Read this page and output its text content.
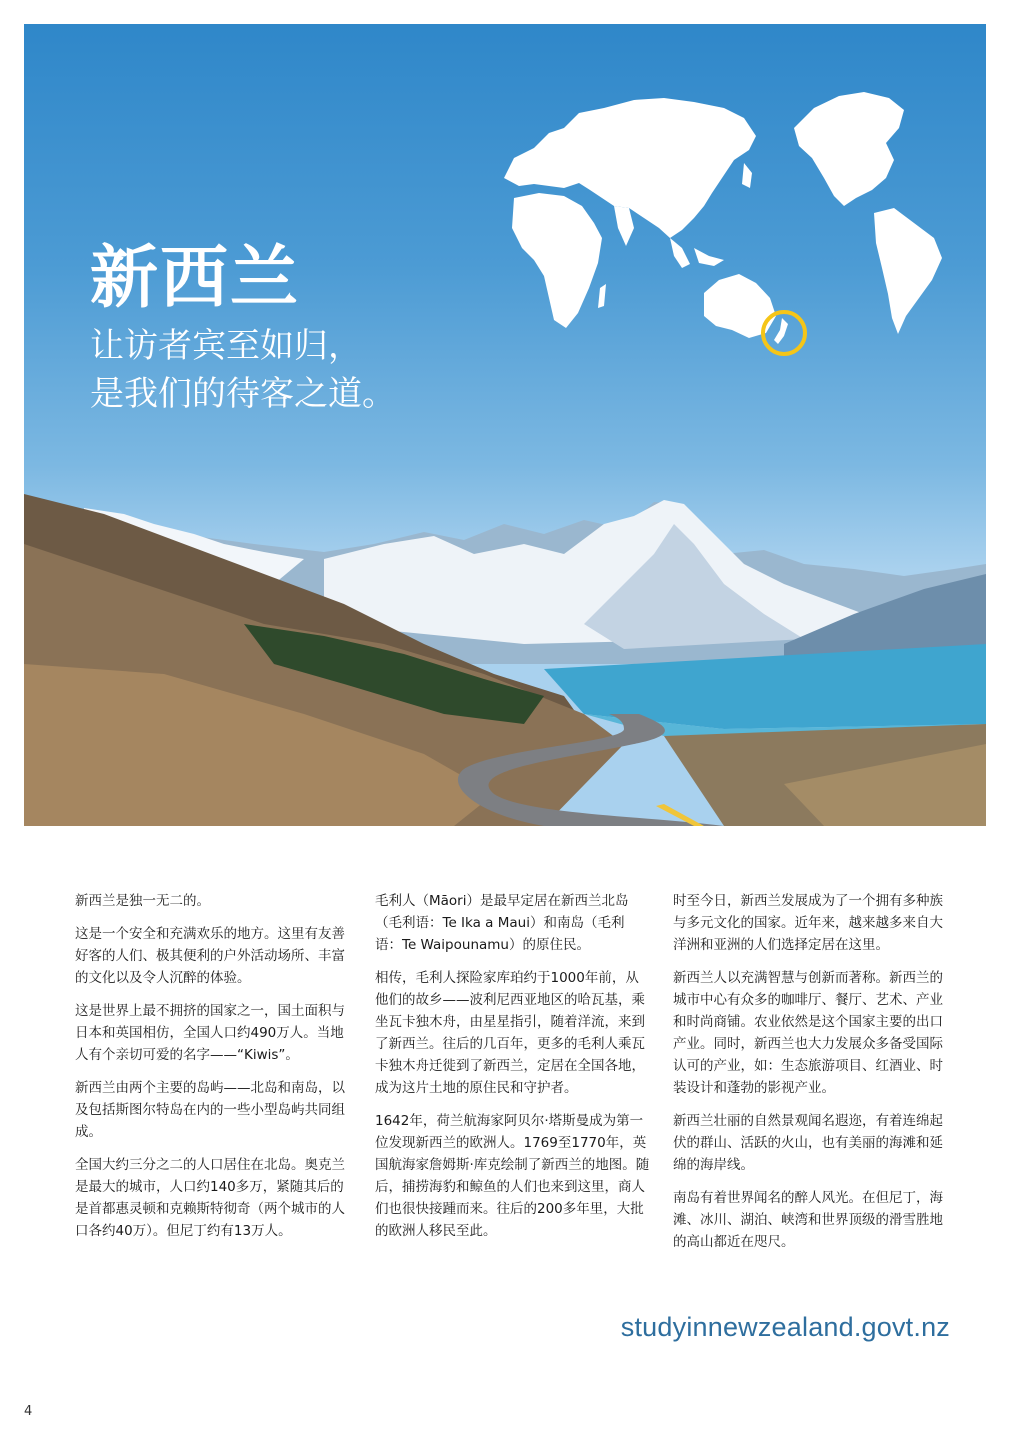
新西兰
让访者宾至如归，
是我们的待客之道。

新西兰是独一无二的。

这是一个安全和充满欢乐的地方。这里有友善好客的人们、极其便利的户外活动场所、丰富的文化以及令人沉醉的体验。

这是世界上最不拥挤的国家之一，国土面积与日本和英国相仿，全国人口约490万人。当地人有个亲切可爱的名字——“Kiwis”。

新西兰由两个主要的岛屿——北岛和南岛，以及包括斯图尔特岛在内的一些小型岛屿共同组成。

全国大约三分之二的人口居住在北岛。奥克兰是最大的城市，人口约140多万，紧随其后的是首都惠灵顿和克赖斯特彻奇（两个城市的人口各约40万）。但尼丁约有13万人。

毛利人（Māori）是最早定居在新西兰北岛（毛利语：Te Ika a Maui）和南岛（毛利语：Te Waipounamu）的原住民。

相传，毛利人探险家库珀约于1000年前，从他们的故乡——波利尼西亚地区的哈瓦基，乘坐瓦卡独木舟，由星星指引，随着洋流，来到了新西兰。往后的几百年，更多的毛利人乘瓦卡独木舟迁徙到了新西兰，定居在全国各地，成为这片土地的原住民和守护者。

1642年，荷兰航海家阿贝尔·塔斯曼成为第一位发现新西兰的欧洲人。1769至1770年，英国航海家詹姆斯·库克绘制了新西兰的地图。随后，捕捞海豹和鲸鱼的人们也来到这里，商人们也很快接踵而来。往后的200多年里，大批的欧洲人移民至此。

时至今日，新西兰发展成为了一个拥有多种族与多元文化的国家。近年来，越来越多来自大洋洲和亚洲的人们选择定居在这里。

新西兰人以充满智慧与创新而著称。新西兰的城市中心有众多的咖啡厅、餐厅、艺术、产业和时尚商铺。农业依然是这个国家主要的出口产业。同时，新西兰也大力发展众多备受国际认可的产业，如：生态旅游项目、红酒业、时装设计和蓬勃的影视产业。

新西兰壮丽的自然景观闻名遐迩，有着连绵起伏的群山、活跃的火山，也有美丽的海滩和延绵的海岸线。

南岛有着世界闻名的醉人风光。在但尼丁，海滩、冰川、湖泊、峡湾和世界顶级的滑雪胜地的高山都近在咫尺。

studyinnewzealand.govt.nz
4
